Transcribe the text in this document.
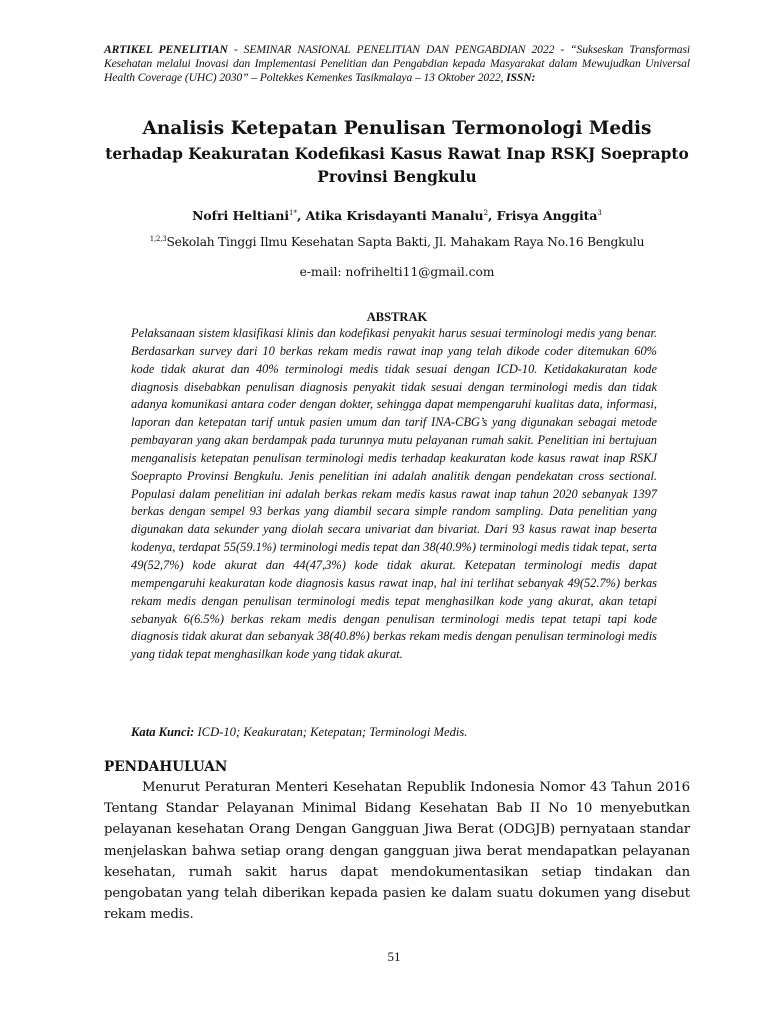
ARTIKEL PENELITIAN - SEMINAR NASIONAL PENELITIAN DAN PENGABDIAN 2022 - “Sukseskan Transformasi Kesehatan melalui Inovasi dan Implementasi Penelitian dan Pengabdian kepada Masyarakat dalam Mewujudkan Universal Health Coverage (UHC) 2030” – Poltekkes Kemenkes Tasikmalaya – 13 Oktober 2022, ISSN:
Analisis Ketepatan Penulisan Termonologi Medis
terhadap Keakuratan Kodefikasi Kasus Rawat Inap RSKJ Soeprapto Provinsi Bengkulu
Nofri Heltiani$^{1*}$, Atika Krisdayanti Manalu$^2$, Frisya Anggita$^3$
$^{1,2,3}$Sekolah Tinggi Ilmu Kesehatan Sapta Bakti, Jl. Mahakam Raya No.16 Bengkulu
e-mail: nofrihelti11@gmail.com
ABSTRAK

Pelaksanaan sistem klasifikasi klinis dan kodefikasi penyakit harus sesuai terminologi medis yang benar. Berdasarkan survey dari 10 berkas rekam medis rawat inap yang telah dikode coder ditemukan 60% kode tidak akurat dan 40% terminologi medis tidak sesuai dengan ICD-10. Ketidakakuratan kode diagnosis disebabkan penulisan diagnosis penyakit tidak sesuai dengan terminologi medis dan tidak adanya komunikasi antara coder dengan dokter, sehingga dapat mempengaruhi kualitas data, informasi, laporan dan ketepatan tarif untuk pasien umum dan tarif INA-CBG’s yang digunakan sebagai metode pembayaran yang akan berdampak pada turunnya mutu pelayanan rumah sakit. Penelitian ini bertujuan menganalisis ketepatan penulisan terminologi medis terhadap keakuratan kode kasus rawat inap RSKJ Soeprapto Provinsi Bengkulu. Jenis penelitian ini adalah analitik dengan pendekatan cross sectional. Populasi dalam penelitian ini adalah berkas rekam medis kasus rawat inap tahun 2020 sebanyak 1397 berkas dengan sempel 93 berkas yang diambil secara simple random sampling. Data penelitian yang digunakan data sekunder yang diolah secara univariat dan bivariat. Dari 93 kasus rawat inap beserta kodenya, terdapat 55(59.1%) terminologi medis tepat dan 38(40.9%) terminologi medis tidak tepat, serta 49(52,7%) kode akurat dan 44(47,3%) kode tidak akurat. Ketepatan terminologi medis dapat mempengaruhi keakuratan kode diagnosis kasus rawat inap, hal ini terlihat sebanyak 49(52.7%) berkas rekam medis dengan penulisan terminologi medis tepat menghasilkan kode yang akurat, akan tetapi sebanyak 6(6.5%) berkas rekam medis dengan penulisan terminologi medis tepat tetapi tapi kode diagnosis tidak akurat dan sebanyak 38(40.8%) berkas rekam medis dengan penulisan terminologi medis yang tidak tepat menghasilkan kode yang tidak akurat.

Kata Kunci: ICD-10; Keakuratan; Ketepatan; Terminologi Medis.
PENDAHULUAN

Menurut Peraturan Menteri Kesehatan Republik Indonesia Nomor 43 Tahun 2016 Tentang Standar Pelayanan Minimal Bidang Kesehatan Bab II No 10 menyebutkan pelayanan kesehatan Orang Dengan Gangguan Jiwa Berat (ODGJB) pernyataan standar menjelaskan bahwa setiap orang dengan gangguan jiwa berat mendapatkan pelayanan kesehatan, rumah sakit harus dapat mendokumentasikan setiap tindakan dan pengobatan yang telah diberikan kepada pasien ke dalam suatu dokumen yang disebut rekam medis.

51
